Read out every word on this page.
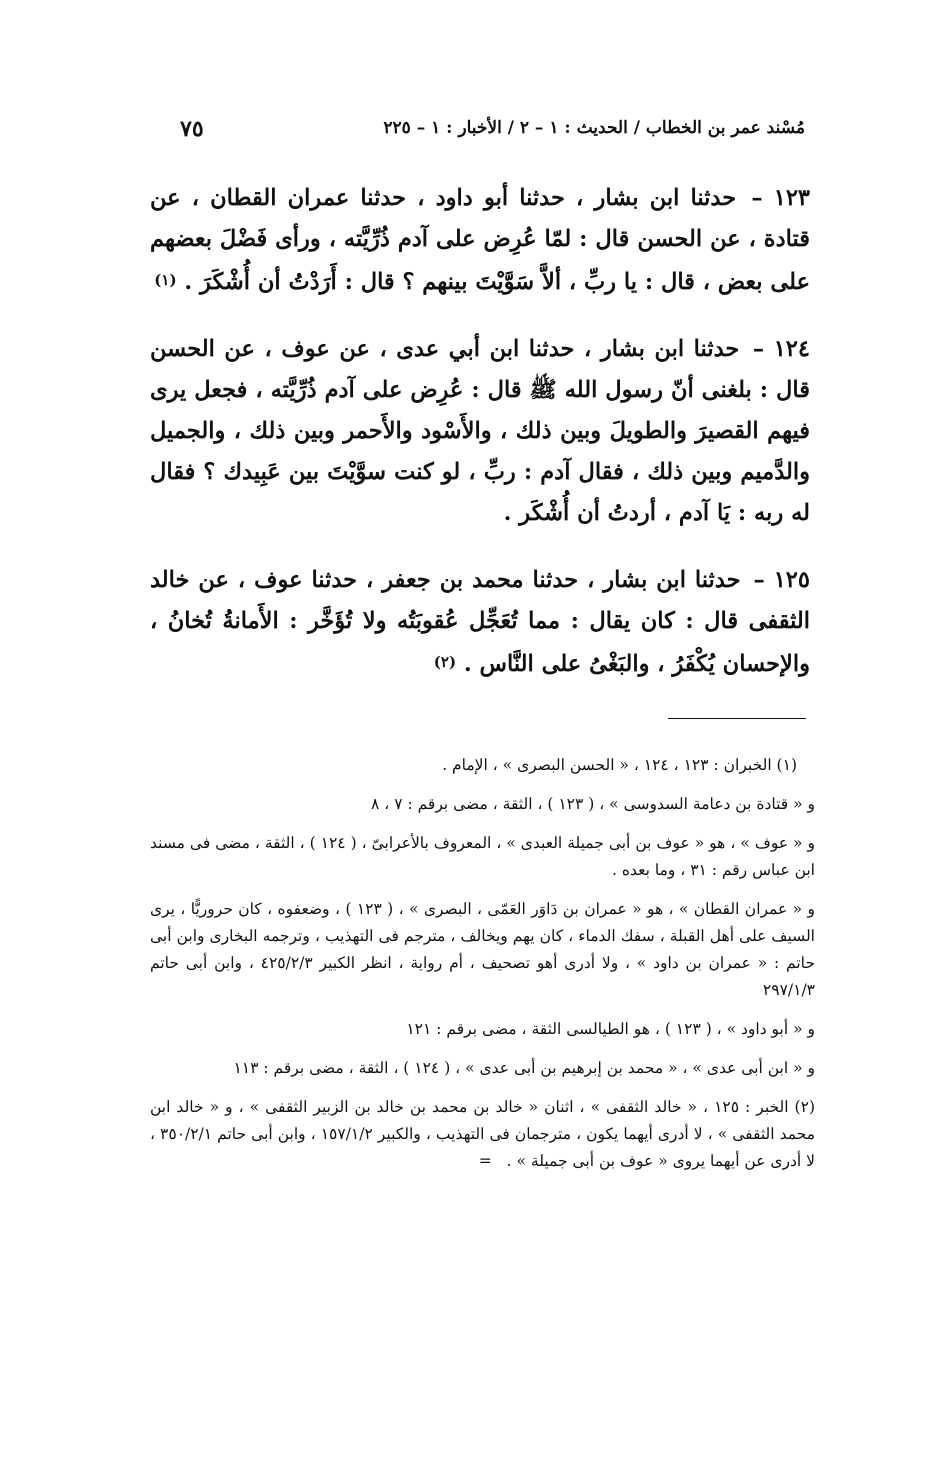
مُسْند عمر بن الخطاب / الحديث : ١ – ٢ / الأخبار : ١ – ٢٢٥
٧٥

١٢٣ – حدثنا ابن بشار ، حدثنا أبو داود ، حدثنا عمران القطان ، عن قتادة ، عن الحسن قال : لمّا عُرِض على آدم ذُرِّيَّته ، ورأى فَضْلَ بعضهم على بعض ، قال : يا ربِّ ، ألاَّ سَوَّيْتَ بينهم ؟ قال : أَرَدْتُ أن أُشْكَرَ . (١)

١٢٤ – حدثنا ابن بشار ، حدثنا ابن أبي عدى ، عن عوف ، عن الحسن قال : بلغنى أنّ رسول الله ﷺ قال : عُرِض على آدم ذُرِّيَّته ، فجعل يرى فيهم القصيرَ والطويلَ وبين ذلك ، والأَسْود والأَحمر وبين ذلك ، والجميل والدَّميم وبين ذلك ، فقال آدم : ربِّ ، لو كنت سوَّيْتَ بين عَبِيدك ؟ فقال له ربه : يَا آدم ، أردتُ أن أُشْكَر .

١٢٥ – حدثنا ابن بشار ، حدثنا محمد بن جعفر ، حدثنا عوف ، عن خالد الثقفى قال : كان يقال : مما تُعَجِّل عُقوبَتُه ولا تُؤَخَّر : الأَمانةُ تُخانُ ، والإحسان يُكْفَرُ ، والبَغْىُ على النَّاس . (٢)

(١) الخبران : ١٢٣ ، ١٢٤ ، « الحسن البصرى » ، الإمام .

و « قتادة بن دعامة السدوسى » ، ( ١٢٣ ) ، الثقة ، مضى برقم : ٧ ، ٨

و « عوف » ، هو « عوف بن أبى جميلة العبدى » ، المعروف بالأعرابىّ ، ( ١٢٤ ) ، الثقة ، مضى فى مسند ابن عباس رقم : ٣١ ، وما بعده .

و « عمران القطان » ، هو « عمران بن دَاوَر العَمّى ، البصرى » ، ( ١٢٣ ) ، وضعفوه ، كان حروريًّا ، يرى السيف على أهل القبلة ، سفك الدماء ، كان يهم ويخالف ، مترجم فى التهذيب ، وترجمه البخارى وابن أبى حاتم : « عمران بن داود » ، ولا أدرى أهو تصحيف ، أم رواية ، انظر الكبير ٤٢٥/٢/٣ ، وابن أبى حاتم ٢٩٧/١/٣

و « أبو داود » ، ( ١٢٣ ) ، هو الطيالسى الثقة ، مضى برقم : ١٢١

و « ابن أبى عدى » ، « محمد بن إبرهيم بن أبى عدى » ، ( ١٢٤ ) ، الثقة ، مضى برقم : ١١٣

(٢) الخبر : ١٢٥ ، « خالد الثقفى » ، اثنان « خالد بن محمد بن خالد بن الزبير الثقفى » ، و « خالد ابن محمد الثقفى » ، لا أدرى أيهما يكون ، مترجمان فى التهذيب ، والكبير ١٥٧/١/٢ ، وابن أبى حاتم ٣٥٠/٢/١ ، لا أدرى عن أيهما يروى « عوف بن أبى جميلة » . =
